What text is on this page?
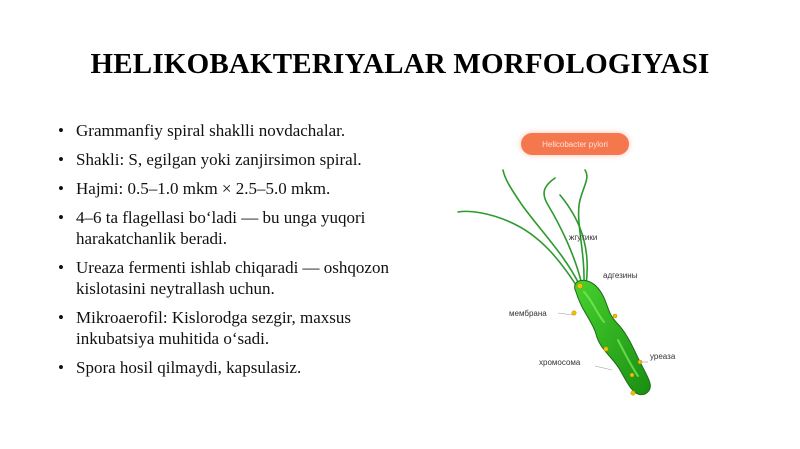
HELIKOBAKTERIYALAR MORFOLOGIYASI
• Grammanfiy spiral shaklli novdachalar.
• Shakli: S, egilgan yoki zanjirsimon spiral.
• Hajmi: 0.5–1.0 mkm × 2.5–5.0 mkm.
• 4–6 ta flagellasi bo‘ladi — bu unga yuqori harakatchanlik beradi.
• Ureaza fermenti ishlab chiqaradi — oshqozon kislotasini neytrallash uchun.
• Mikroaerofil: Kislorodga sezgir, maxsus inkubatsiya muhitida o‘sadi.
• Spora hosil qilmaydi, kapsulasiz.
Helicobacter pylori
жгутики
адгезины
мембрана
хромосома
уреаза
